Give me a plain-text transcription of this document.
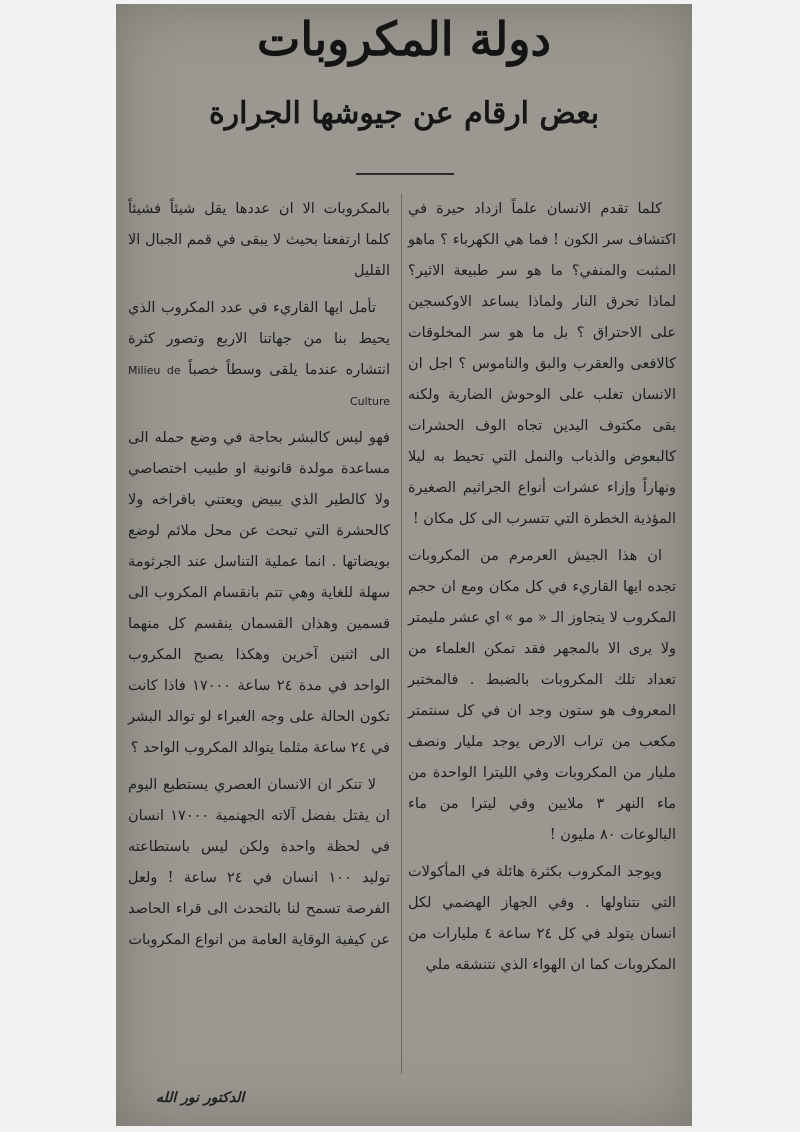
دولة المكروبات
بعض ارقام عن جيوشها الجرارة

كلما تقدم الانسان علماً ازداد حيرة في اكتشاف سر الكون ! فما هي الكهرباء ؟ ماهو المثبت والمنفي؟ ما هو سر طبيعة الاثير؟ لماذا تحرق النار ولماذا يساعد الاوكسجين على الاحتراق ؟ بل ما هو سر المخلوقات كالافعى والعقرب والبق والناموس ؟ اجل ان الانسان تغلب على الوحوش الضارية ولكنه بقى مكتوف اليدين تجاه الوف الحشرات كالبعوض والذباب والنمل التي تحيط به ليلا ونهاراً وإزاء عشرات أنواع الجراثيم الصغيرة المؤذية الخطرة التي تتسرب الى كل مكان !

ان هذا الجيش العرمرم من المكروبات تجده ايها القاريء في كل مكان ومع ان حجم المكروب لا يتجاوز الـ « مو » اي عشر مليمتر ولا يرى الا بالمجهر فقد تمكن العلماء من تعداد تلك المكروبات بالضبط . فالمختبر المعروف هو ستون وجد ان في كل سنتمتر مكعب من تراب الارض يوجد مليار ونصف مليار من المكروبات وفي الليترا الواحدة من ماء النهر ٣ ملايين وفي ليترا من ماء البالوعات ٨٠ مليون !

ويوجد المكروب بكثرة هائلة في المأكولات التي نتناولها . وفي الجهاز الهضمي لكل انسان يتولد في كل ٢٤ ساعة ٤ مليارات من المكروبات كما ان الهواء الذي نتنشقه ملي

بالمكروبات الا ان عددها يقل شيئاً فشيئاً كلما ارتفعنا بحيث لا يبقى في قمم الجبال الا القليل

تأمل ايها القاريء في عدد المكروب الذي يحيط بنا من جهاتنا الاربع وتصور كثرة انتشاره عندما يلقى وسطاً خصباً Milieu de Culture

فهو ليس كالبشر بحاجة في وضع حمله الى مساعدة مولدة قانونية او طبيب اختصاصي ولا كالطير الذي يبيض ويعتني بافراخه ولا كالحشرة التي تبحث عن محل ملائم لوضع بويضاتها . انما عملية التناسل عند الجرثومة سهلة للغاية وهي تتم بانقسام المكروب الى قسمين وهذان القسمان ينقسم كل منهما الى اثنين آخرين وهكذا يصبح المكروب الواحد في مدة ٢٤ ساعة ١٧٠٠٠ فاذا كانت تكون الحالة على وجه الغبراء لو توالد البشر في ٢٤ ساعة مثلما يتوالد المكروب الواحد ؟

لا تنكر ان الانسان العصري يستطيع اليوم ان يقتل بفضل آلاته الجهنمية ١٧٠٠٠ انسان في لحظة واحدة ولكن ليس باستطاعته توليد ١٠٠ انسان في ٢٤ ساعة ! ولعل الفرصة تسمح لنا بالتحدث الى قراء الحاصد عن كيفية الوقاية العامة من انواع المكروبات

الدكتور نور الله
